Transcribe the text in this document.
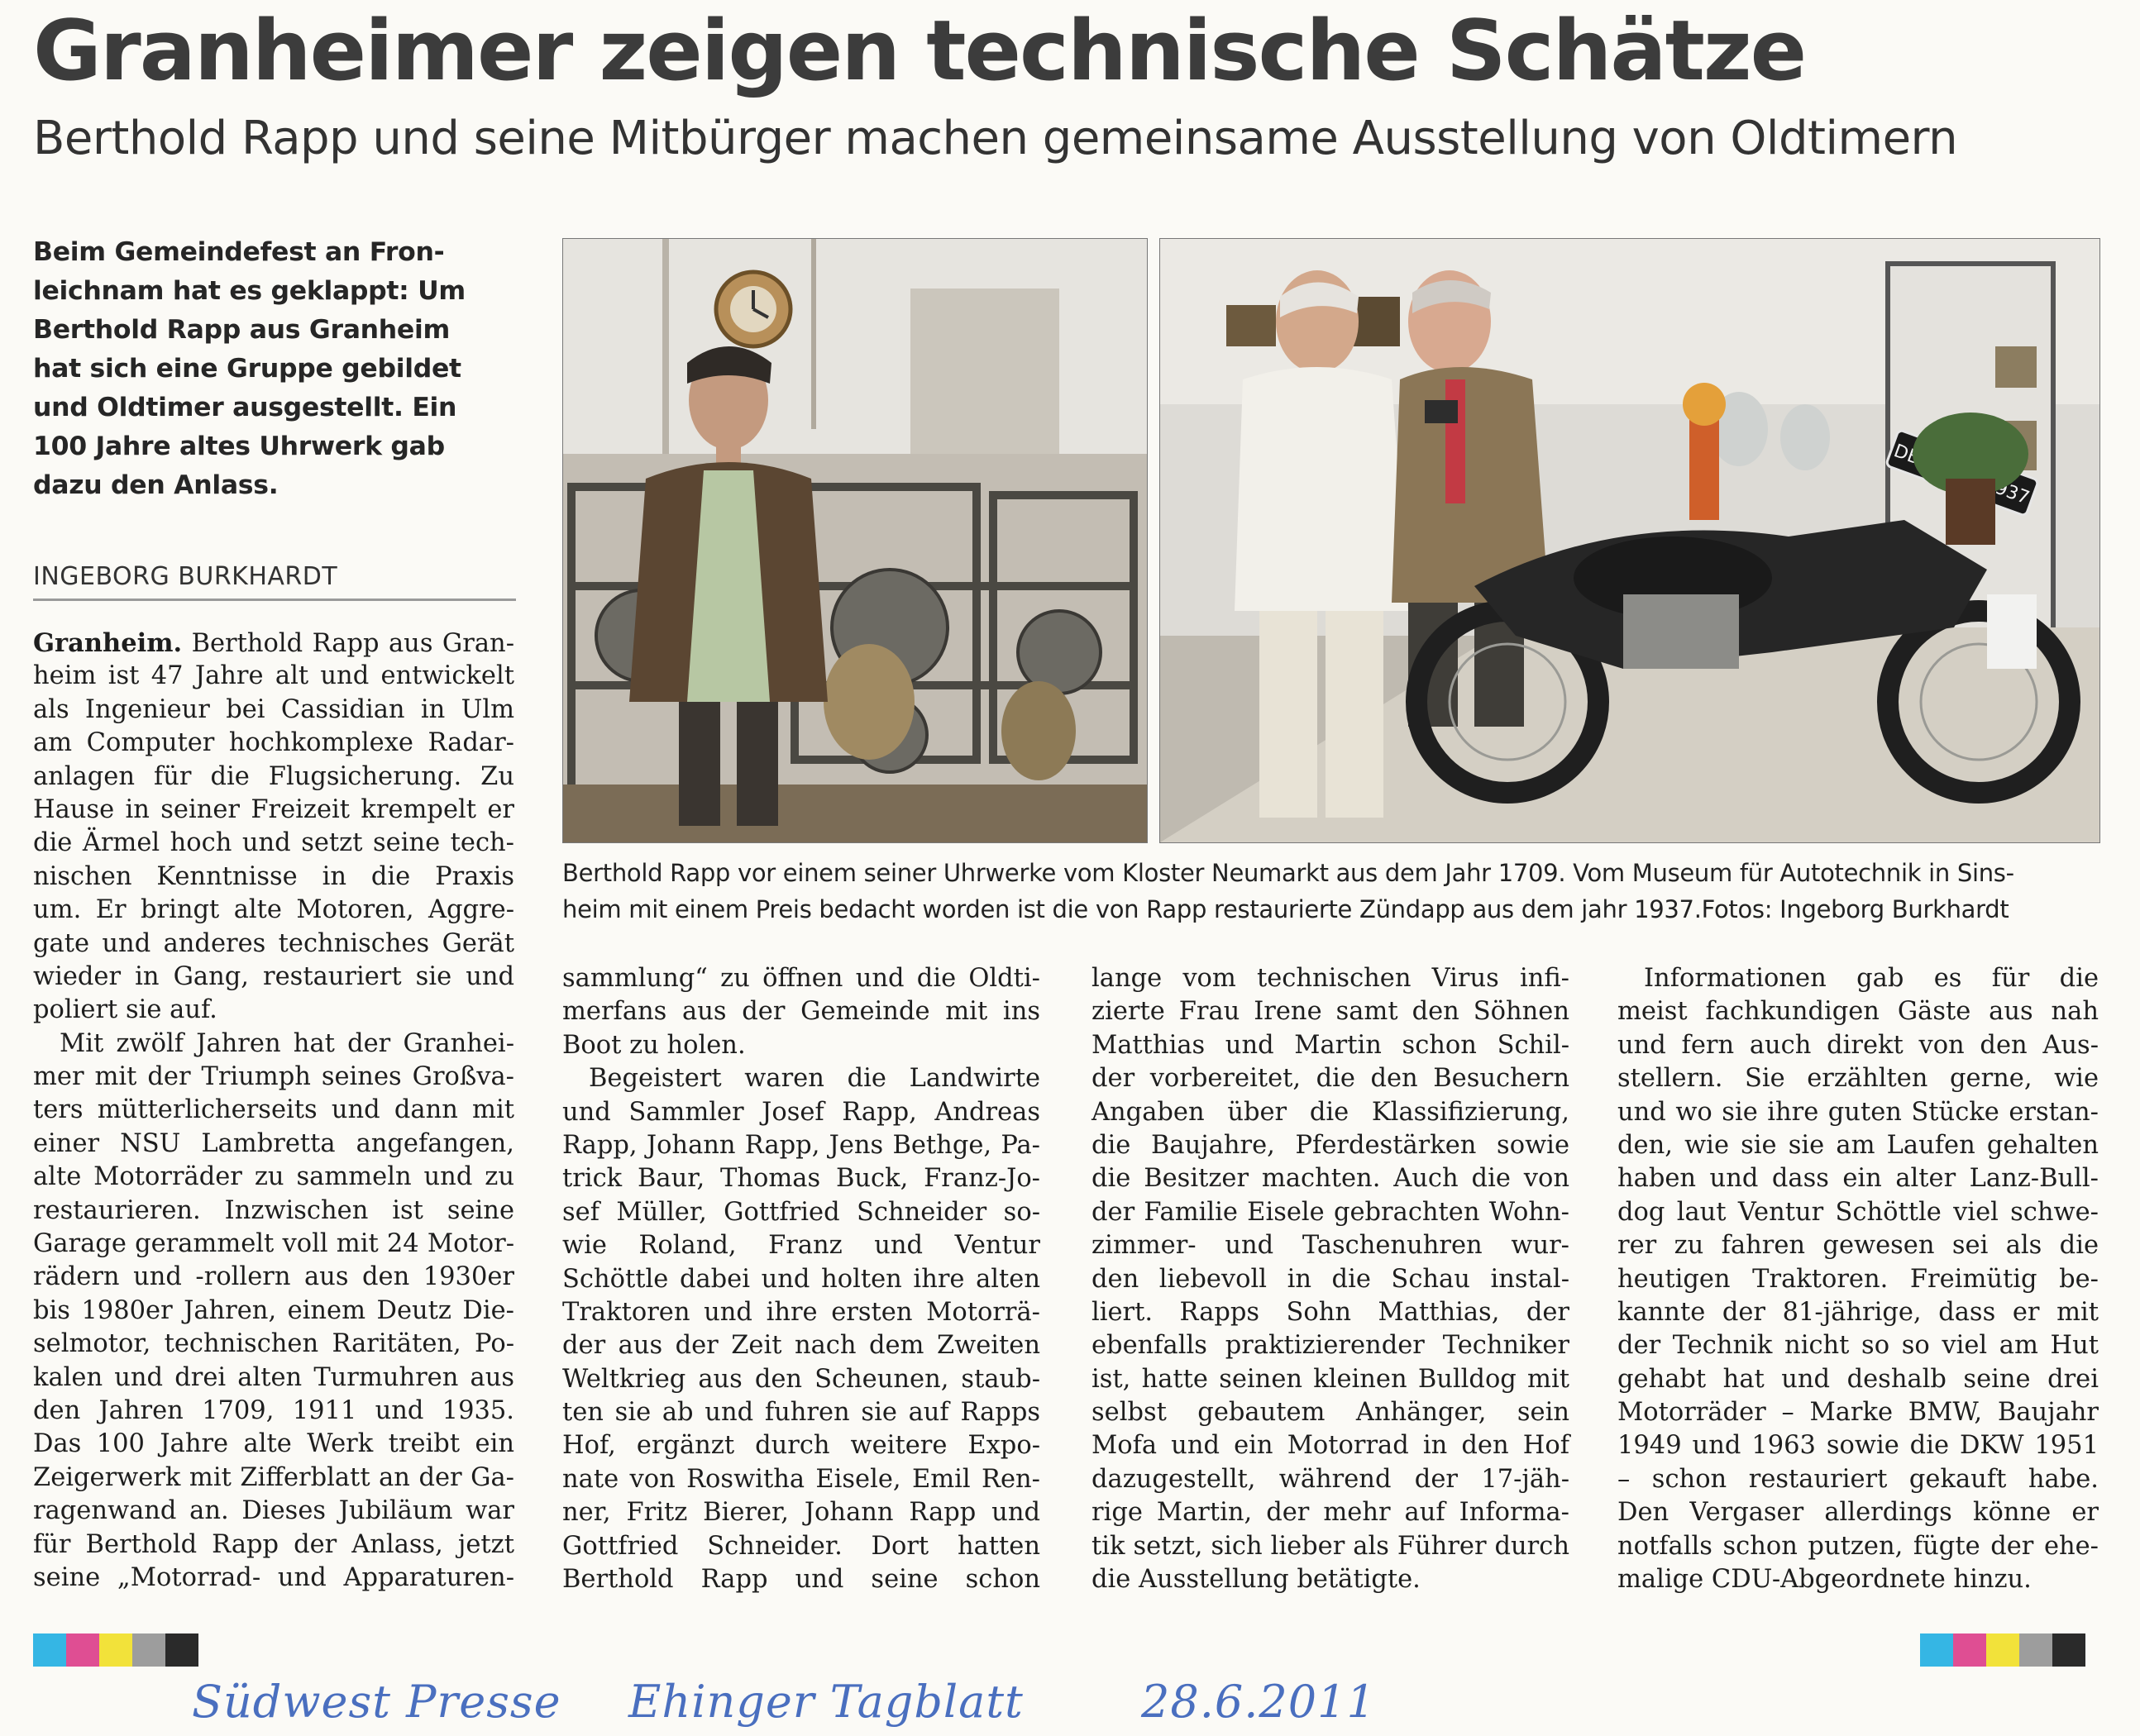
Granheimer zeigen technische Schätze
Berthold Rapp und seine Mitbürger machen gemeinsame Ausstellung von Oldtimern
Beim Gemeindefest an Fron-
leichnam hat es geklappt: Um
Berthold Rapp aus Granheim
hat sich eine Gruppe gebildet
und Oldtimer ausgestellt. Ein
100 Jahre altes Uhrwerk gab
dazu den Anlass.
INGEBORG BURKHARDT
Granheim. Berthold Rapp aus Gran-
heim ist 47 Jahre alt und entwickelt
als Ingenieur bei Cassidian in Ulm
am Computer hochkomplexe Radar-
anlagen für die Flugsicherung. Zu
Hause in seiner Freizeit krempelt er
die Ärmel hoch und setzt seine tech-
nischen Kenntnisse in die Praxis
um. Er bringt alte Motoren, Aggre-
gate und anderes technisches Gerät
wieder in Gang, restauriert sie und
poliert sie auf.
Mit zwölf Jahren hat der Granhei-
mer mit der Triumph seines Großva-
ters mütterlicherseits und dann mit
einer NSU Lambretta angefangen,
alte Motorräder zu sammeln und zu
restaurieren. Inzwischen ist seine
Garage gerammelt voll mit 24 Motor-
rädern und -rollern aus den 1930er
bis 1980er Jahren, einem Deutz Die-
selmotor, technischen Raritäten, Po-
kalen und drei alten Turmuhren aus
den Jahren 1709, 1911 und 1935.
Das 100 Jahre alte Werk treibt ein
Zeigerwerk mit Zifferblatt an der Ga-
ragenwand an. Dieses Jubiläum war
für Berthold Rapp der Anlass, jetzt
seine „Motorrad- und Apparaturen-
DBK 1937
Berthold Rapp vor einem seiner Uhrwerke vom Kloster Neumarkt aus dem Jahr 1709. Vom Museum für Autotechnik in Sins-
heim mit einem Preis bedacht worden ist die von Rapp restaurierte Zündapp aus dem jahr 1937.Fotos: Ingeborg Burkhardt
sammlung“ zu öffnen und die Oldti-
merfans aus der Gemeinde mit ins
Boot zu holen.
Begeistert waren die Landwirte
und Sammler Josef Rapp, Andreas
Rapp, Johann Rapp, Jens Bethge, Pa-
trick Baur, Thomas Buck, Franz-Jo-
sef Müller, Gottfried Schneider so-
wie Roland, Franz und Ventur
Schöttle dabei und holten ihre alten
Traktoren und ihre ersten Motorrä-
der aus der Zeit nach dem Zweiten
Weltkrieg aus den Scheunen, staub-
ten sie ab und fuhren sie auf Rapps
Hof, ergänzt durch weitere Expo-
nate von Roswitha Eisele, Emil Ren-
ner, Fritz Bierer, Johann Rapp und
Gottfried Schneider. Dort hatten
Berthold Rapp und seine schon
lange vom technischen Virus infi-
zierte Frau Irene samt den Söhnen
Matthias und Martin schon Schil-
der vorbereitet, die den Besuchern
Angaben über die Klassifizierung,
die Baujahre, Pferdestärken sowie
die Besitzer machten. Auch die von
der Familie Eisele gebrachten Wohn-
zimmer- und Taschenuhren wur-
den liebevoll in die Schau instal-
liert. Rapps Sohn Matthias, der
ebenfalls praktizierender Techniker
ist, hatte seinen kleinen Bulldog mit
selbst gebautem Anhänger, sein
Mofa und ein Motorrad in den Hof
dazugestellt, während der 17-jäh-
rige Martin, der mehr auf Informa-
tik setzt, sich lieber als Führer durch
die Ausstellung betätigte.
Informationen gab es für die
meist fachkundigen Gäste aus nah
und fern auch direkt von den Aus-
stellern. Sie erzählten gerne, wie
und wo sie ihre guten Stücke erstan-
den, wie sie sie am Laufen gehalten
haben und dass ein alter Lanz-Bull-
dog laut Ventur Schöttle viel schwe-
rer zu fahren gewesen sei als die
heutigen Traktoren. Freimütig be-
kannte der 81-jährige, dass er mit
der Technik nicht so so viel am Hut
gehabt hat und deshalb seine drei
Motorräder – Marke BMW, Baujahr
1949 und 1963 sowie die DKW 1951
– schon restauriert gekauft habe.
Den Vergaser allerdings könne er
notfalls schon putzen, fügte der ehe-
malige CDU-Abgeordnete hinzu.
Südwest Presse Ehinger Tagblatt	28.6.2011
